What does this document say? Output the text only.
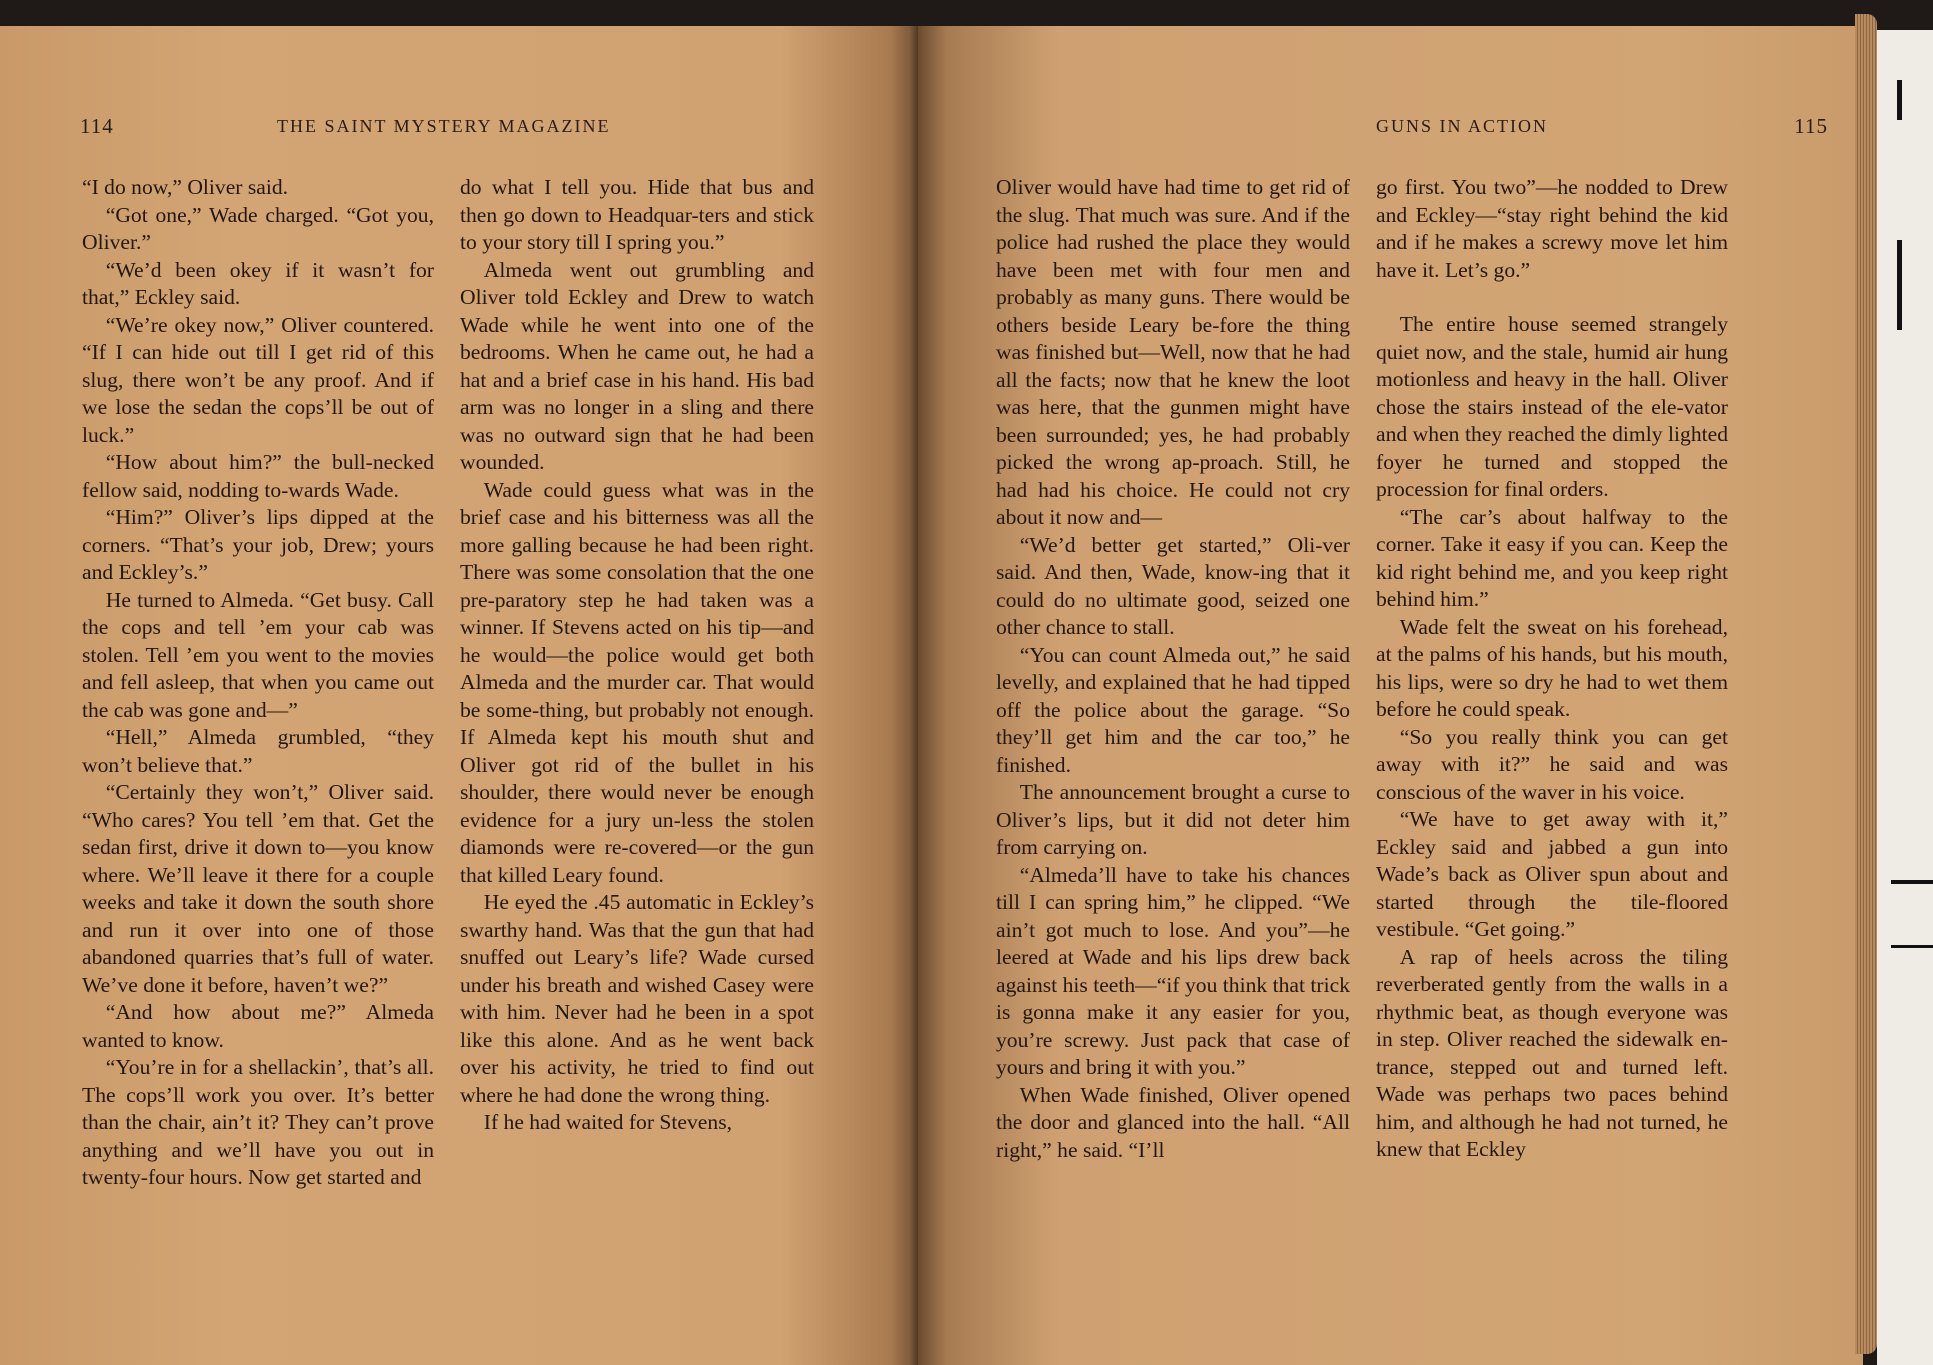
114	THE SAINT MYSTERY MAGAZINE

“I do now,” Oliver said.

“Got one,” Wade charged. “Got you, Oliver.”

“We’d been okey if it wasn’t for that,” Eckley said.

“We’re okey now,” Oliver countered. “If I can hide out till I get rid of this slug, there won’t be any proof. And if we lose the sedan the cops’ll be out of luck.”

“How about him?” the bull-necked fellow said, nodding to-wards Wade.

“Him?” Oliver’s lips dipped at the corners. “That’s your job, Drew; yours and Eckley’s.”

He turned to Almeda. “Get busy. Call the cops and tell ’em your cab was stolen. Tell ’em you went to the movies and fell asleep, that when you came out the cab was gone and—”

“Hell,” Almeda grumbled, “they won’t believe that.”

“Certainly they won’t,” Oliver said. “Who cares? You tell ’em that. Get the sedan first, drive it down to—you know where. We’ll leave it there for a couple weeks and take it down the south shore and run it over into one of those abandoned quarries that’s full of water. We’ve done it before, haven’t we?”

“And how about me?” Almeda wanted to know.

“You’re in for a shellackin’, that’s all. The cops’ll work you over. It’s better than the chair, ain’t it? They can’t prove anything and we’ll have you out in twenty-four hours. Now get started and

do what I tell you. Hide that bus and then go down to Headquar-ters and stick to your story till I spring you.”

Almeda went out grumbling and Oliver told Eckley and Drew to watch Wade while he went into one of the bedrooms. When he came out, he had a hat and a brief case in his hand. His bad arm was no longer in a sling and there was no outward sign that he had been wounded.

Wade could guess what was in the brief case and his bitterness was all the more galling because he had been right. There was some consolation that the one pre-paratory step he had taken was a winner. If Stevens acted on his tip—and he would—the police would get both Almeda and the murder car. That would be some-thing, but probably not enough. If Almeda kept his mouth shut and Oliver got rid of the bullet in his shoulder, there would never be enough evidence for a jury un-less the stolen diamonds were re-covered—or the gun that killed Leary found.

He eyed the .45 automatic in Eckley’s swarthy hand. Was that the gun that had snuffed out Leary’s life? Wade cursed under his breath and wished Casey were with him. Never had he been in a spot like this alone. And as he went back over his activity, he tried to find out where he had done the wrong thing.

If he had waited for Stevens,

GUNS IN ACTION	115

Oliver would have had time to get rid of the slug. That much was sure. And if the police had rushed the place they would have been met with four men and probably as many guns. There would be others beside Leary be-fore the thing was finished but—Well, now that he had all the facts; now that he knew the loot was here, that the gunmen might have been surrounded; yes, he had probably picked the wrong ap-proach. Still, he had had his choice. He could not cry about it now and—

“We’d better get started,” Oli-ver said. And then, Wade, know-ing that it could do no ultimate good, seized one other chance to stall.

“You can count Almeda out,” he said levelly, and explained that he had tipped off the police about the garage. “So they’ll get him and the car too,” he finished.

The announcement brought a curse to Oliver’s lips, but it did not deter him from carrying on.

“Almeda’ll have to take his chances till I can spring him,” he clipped. “We ain’t got much to lose. And you”—he leered at Wade and his lips drew back against his teeth—“if you think that trick is gonna make it any easier for you, you’re screwy. Just pack that case of yours and bring it with you.”

When Wade finished, Oliver opened the door and glanced into the hall. “All right,” he said. “I’ll

go first. You two”—he nodded to Drew and Eckley—“stay right behind the kid and if he makes a screwy move let him have it. Let’s go.”

The entire house seemed strangely quiet now, and the stale, humid air hung motionless and heavy in the hall. Oliver chose the stairs instead of the ele-vator and when they reached the dimly lighted foyer he turned and stopped the procession for final orders.

“The car’s about halfway to the corner. Take it easy if you can. Keep the kid right behind me, and you keep right behind him.”

Wade felt the sweat on his forehead, at the palms of his hands, but his mouth, his lips, were so dry he had to wet them before he could speak.

“So you really think you can get away with it?” he said and was conscious of the waver in his voice.

“We have to get away with it,” Eckley said and jabbed a gun into Wade’s back as Oliver spun about and started through the tile-floored vestibule. “Get going.”

A rap of heels across the tiling reverberated gently from the walls in a rhythmic beat, as though everyone was in step. Oliver reached the sidewalk en-trance, stepped out and turned left. Wade was perhaps two paces behind him, and although he had not turned, he knew that Eckley
